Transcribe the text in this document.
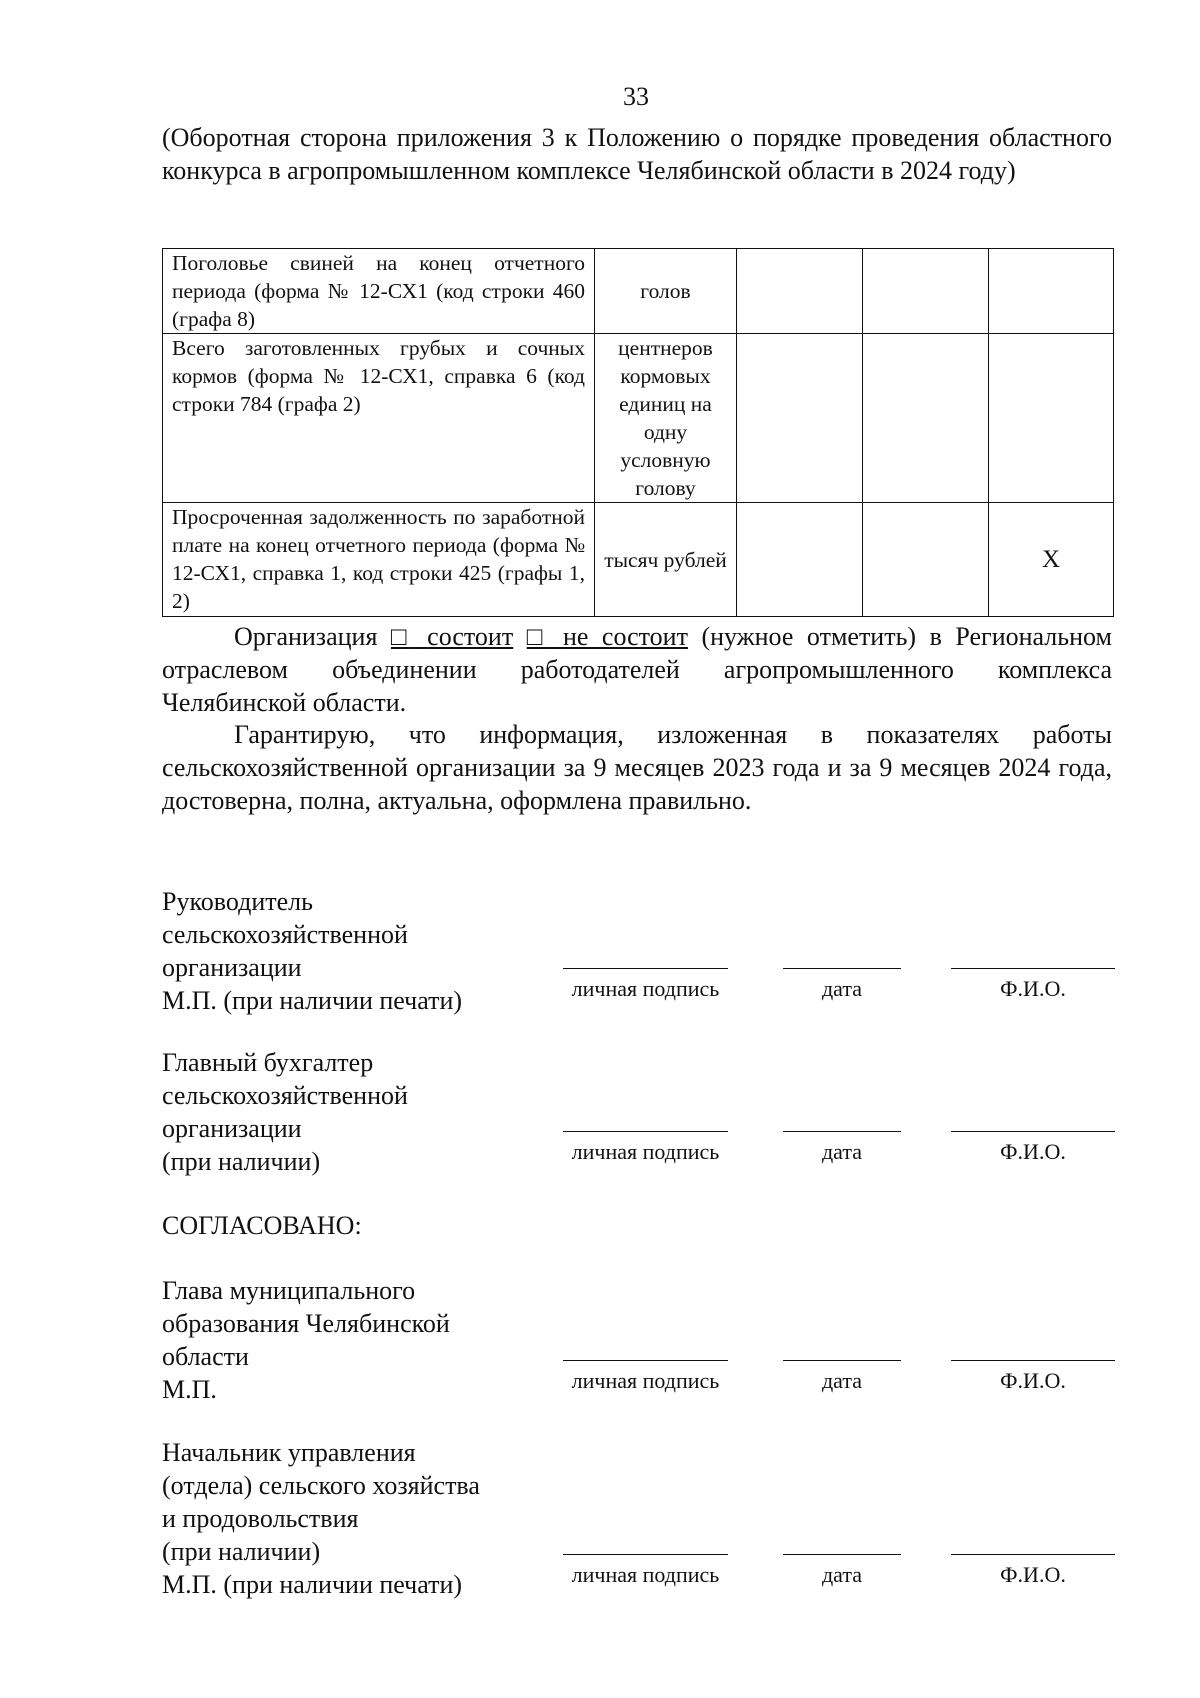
33
(Оборотная сторона приложения 3 к Положению о порядке проведения областного конкурса в агропромышленном комплексе Челябинской области в 2024 году)
Поголовье свиней на конец отчетного периода (форма № 12-СХ1 (код строки 460 (графа 8)	голов			
Всего заготовленных грубых и сочных кормов (форма № 12-СХ1, справка 6 (код строки 784 (графа 2)	центнеров кормовых единиц на одну условную голову			
Просроченная задолженность по заработной плате на конец отчетного периода (форма № 12-СХ1, справка 1, код строки 425 (графы 1, 2)	тысяч рублей			Х
Организация □ состоит □ не состоит (нужное отметить) в Региональном отраслевом объединении работодателей агропромышленного комплекса Челябинской области.
Гарантирую, что информация, изложенная в показателях работы сельскохозяйственной организации за 9 месяцев 2023 года и за 9 месяцев 2024 года, достоверна, полна, актуальна, оформлена правильно.
Руководитель
сельскохозяйственной
организации
М.П. (при наличии печати)	личная подпись	дата	Ф.И.О.
Главный бухгалтер
сельскохозяйственной
организации
(при наличии)	личная подпись	дата	Ф.И.О.
СОГЛАСОВАНО:
Глава муниципального
образования Челябинской
области
М.П.	личная подпись	дата	Ф.И.О.
Начальник управления
(отдела) сельского хозяйства
и продовольствия
(при наличии)
М.П. (при наличии печати)	личная подпись	дата	Ф.И.О.
